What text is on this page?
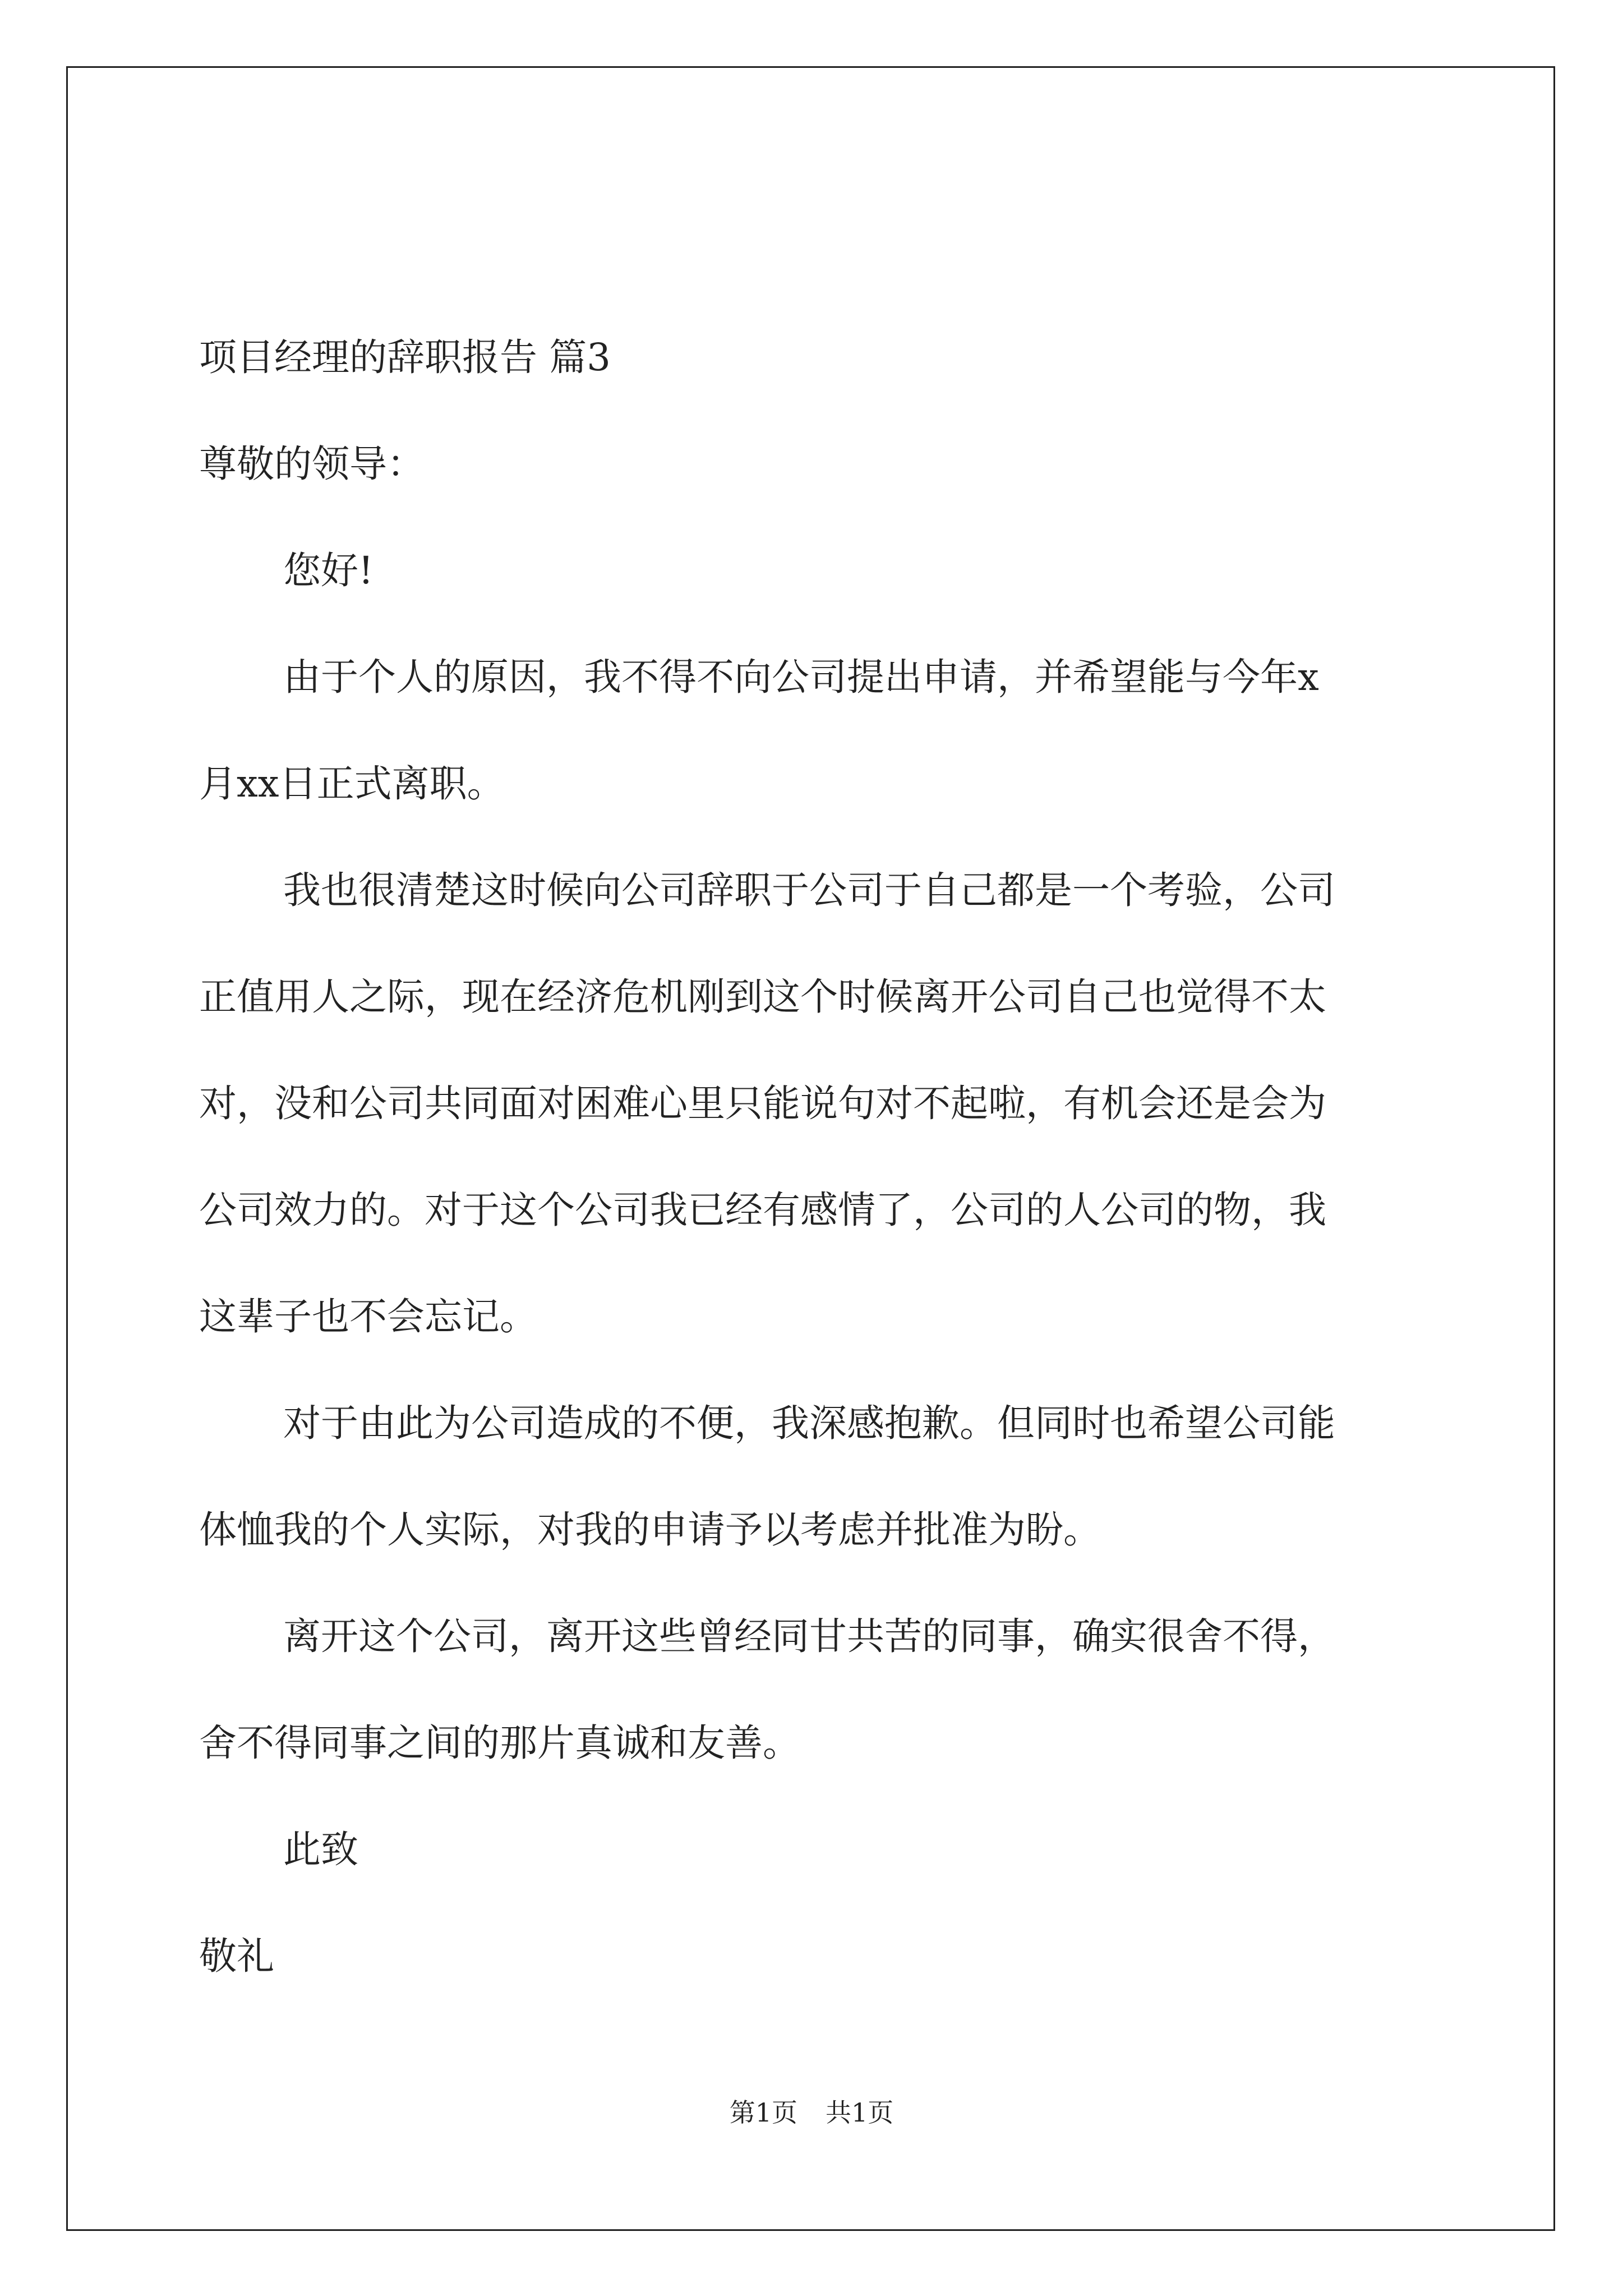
项目经理的辞职报告 篇3
尊敬的领导：
您好!
由于个人的原因，我不得不向公司提出申请，并希望能与今年x
月xx日正式离职。
我也很清楚这时候向公司辞职于公司于自己都是一个考验，公司
正值用人之际，现在经济危机刚到这个时候离开公司自己也觉得不太
对，没和公司共同面对困难心里只能说句对不起啦，有机会还是会为
公司效力的。对于这个公司我已经有感情了，公司的人公司的物，我
这辈子也不会忘记。
对于由此为公司造成的不便，我深感抱歉。但同时也希望公司能
体恤我的个人实际，对我的申请予以考虑并批准为盼。
离开这个公司，离开这些曾经同甘共苦的同事，确实很舍不得，
舍不得同事之间的那片真诚和友善。
此致
敬礼
第1页 共1页
